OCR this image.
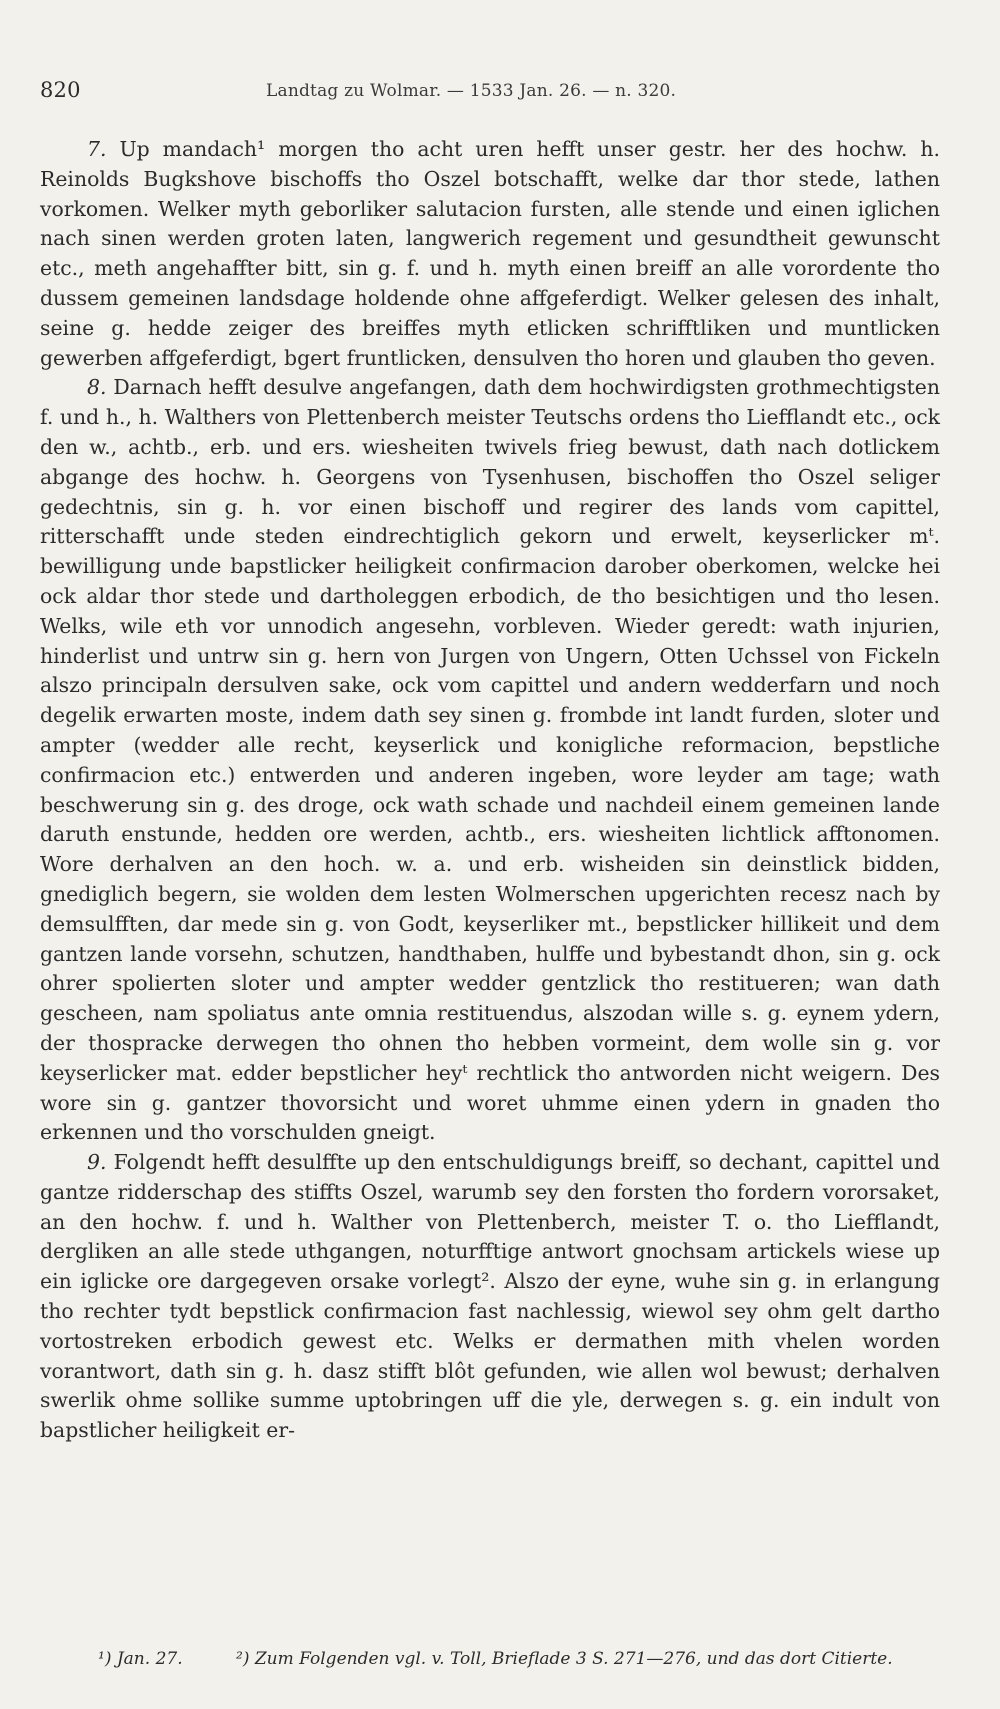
820	Landtag zu Wolmar. — 1533 Jan. 26. — n. 320.

7. Up mandach¹ morgen tho acht uren hefft unser gestr. her des hochw. h. Reinolds Bugkshove bischoffs tho Oszel botschafft, welke dar thor stede, lathen vorkomen. Welker myth geborliker salutacion fursten, alle stende und einen iglichen nach sinen werden groten laten, langwerich regement und gesundtheit gewunscht etc., meth angehaffter bitt, sin g. f. und h. myth einen breiff an alle vorordente tho dussem gemeinen landsdage holdende ohne affgeferdigt. Welker gelesen des inhalt, seine g. hedde zeiger des breiffes myth etlicken schrifftliken und muntlicken gewerben affgeferdigt, bgert fruntlicken, densulven tho horen und glauben tho geven.

8. Darnach hefft desulve angefangen, dath dem hochwirdigsten grothmechtigsten f. und h., h. Walthers von Plettenberch meister Teutschs ordens tho Liefflandt etc., ock den w., achtb., erb. und ers. wiesheiten twivels frieg bewust, dath nach dotlickem abgange des hochw. h. Georgens von Tysenhusen, bischoffen tho Oszel seliger gedechtnis, sin g. h. vor einen bischoff und regirer des lands vom capittel, ritterschafft unde steden eindrechtiglich gekorn und erwelt, keyserlicker mᵗ. bewilligung unde bapstlicker heiligkeit confirmacion darober oberkomen, welcke hei ock aldar thor stede und dartholeggen erbodich, de tho besichtigen und tho lesen. Welks, wile eth vor unnodich angesehn, vorbleven. Wieder geredt: wath injurien, hinderlist und untrw sin g. hern von Jurgen von Ungern, Otten Uchssel von Fickeln alszo principaln dersulven sake, ock vom capittel und andern wedderfarn und noch degelik erwarten moste, indem dath sey sinen g. frombde int landt furden, sloter und ampter (wedder alle recht, keyserlick und konigliche reformacion, bepstliche confirmacion etc.) entwerden und anderen ingeben, wore leyder am tage; wath beschwerung sin g. des droge, ock wath schade und nachdeil einem gemeinen lande daruth enstunde, hedden ore werden, achtb., ers. wiesheiten lichtlick afftonomen. Wore derhalven an den hoch. w. a. und erb. wisheiden sin deinstlick bidden, gnediglich begern, sie wolden dem lesten Wolmerschen upgerichten recesz nach by demsulfften, dar mede sin g. von Godt, keyserliker mt., bepstlicker hillikeit und dem gantzen lande vorsehn, schutzen, handthaben, hulffe und bybestandt dhon, sin g. ock ohrer spolierten sloter und ampter wedder gentzlick tho restitueren; wan dath gescheen, nam spoliatus ante omnia restituendus, alszodan wille s. g. eynem ydern, der thospracke derwegen tho ohnen tho hebben vormeint, dem wolle sin g. vor keyserlicker mat. edder bepstlicher heyᵗ rechtlick tho antworden nicht weigern. Des wore sin g. gantzer thovorsicht und woret uhmme einen ydern in gnaden tho erkennen und tho vorschulden gneigt.

9. Folgendt hefft desulffte up den entschuldigungs breiff, so dechant, capittel und gantze ridderschap des stiffts Oszel, warumb sey den forsten tho fordern vororsaket, an den hochw. f. und h. Walther von Plettenberch, meister T. o. tho Liefflandt, dergliken an alle stede uthgangen, noturfftige antwort gnochsam artickels wiese up ein iglicke ore dargegeven orsake vorlegt². Alszo der eyne, wuhe sin g. in erlangung tho rechter tydt bepstlick confirmacion fast nachlessig, wiewol sey ohm gelt dartho vortostreken erbodich gewest etc. Welks er dermathen mith vhelen worden vorantwort, dath sin g. h. dasz stifft blôt gefunden, wie allen wol bewust; derhalven swerlik ohme sollike summe uptobringen uff die yle, derwegen s. g. ein indult von bapstlicher heiligkeit er-

¹) Jan. 27.	²) Zum Folgenden vgl. v. Toll, Brieflade 3 S. 271—276, und das dort Citierte.
